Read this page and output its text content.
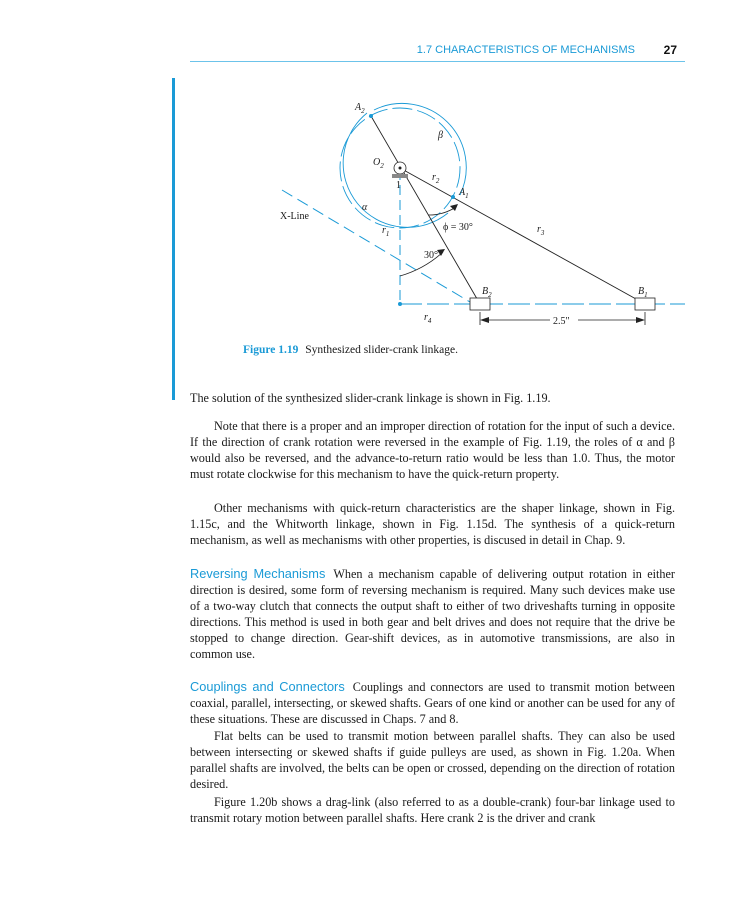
1.7 CHARACTERISTICS OF MECHANISMS 27
$A_2$
β
$O_2$
$r_2$
1
$A_1$
α
X-Line
ϕ = 30°	$r_3$
$r_1$
30°
$B_2$	$B_1$
$r_4$	2.5"
Figure 1.19 Synthesized slider-crank linkage.

The solution of the synthesized slider-crank linkage is shown in Fig. 1.19.

Note that there is a proper and an improper direction of rotation for the input of such a device. If the direction of crank rotation were reversed in the example of Fig. 1.19, the roles of α and β would also be reversed, and the advance-to-return ratio would be less than 1.0. Thus, the motor must rotate clockwise for this mechanism to have the quick-return property.

Other mechanisms with quick-return characteristics are the shaper linkage, shown in Fig. 1.15c, and the Whitworth linkage, shown in Fig. 1.15d. The synthesis of a quick-return mechanism, as well as mechanisms with other properties, is discused in detail in Chap. 9.

Reversing Mechanisms When a mechanism capable of delivering output rotation in either direction is desired, some form of reversing mechanism is required. Many such devices make use of a two-way clutch that connects the output shaft to either of two driveshafts turning in opposite directions. This method is used in both gear and belt drives and does not require that the drive be stopped to change direction. Gear-shift devices, as in automotive transmissions, are also in common use.

Couplings and Connectors Couplings and connectors are used to transmit motion between coaxial, parallel, intersecting, or skewed shafts. Gears of one kind or another can be used for any of these situations. These are discussed in Chaps. 7 and 8.

Flat belts can be used to transmit motion between parallel shafts. They can also be used between intersecting or skewed shafts if guide pulleys are used, as shown in Fig. 1.20a. When parallel shafts are involved, the belts can be open or crossed, depending on the direction of rotation desired.

Figure 1.20b shows a drag-link (also referred to as a double-crank) four-bar linkage used to transmit rotary motion between parallel shafts. Here crank 2 is the driver and crank
